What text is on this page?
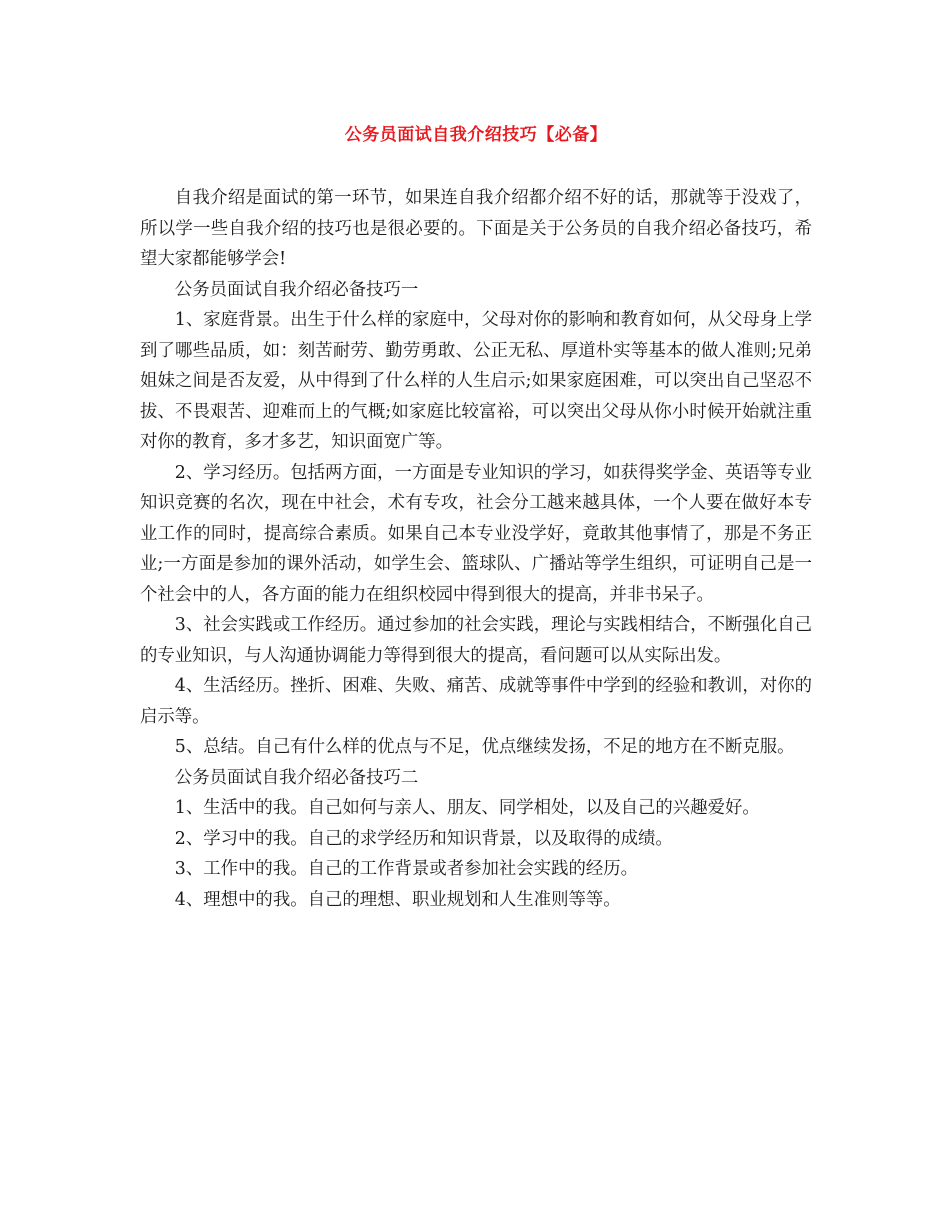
公务员面试自我介绍技巧【必备】

自我介绍是面试的第一环节，如果连自我介绍都介绍不好的话，那就等于没戏了，所以学一些自我介绍的技巧也是很必要的。下面是关于公务员的自我介绍必备技巧，希望大家都能够学会!

公务员面试自我介绍必备技巧一

1、家庭背景。出生于什么样的家庭中，父母对你的影响和教育如何，从父母身上学到了哪些品质，如：刻苦耐劳、勤劳勇敢、公正无私、厚道朴实等基本的做人准则;兄弟姐妹之间是否友爱，从中得到了什么样的人生启示;如果家庭困难，可以突出自己坚忍不拔、不畏艰苦、迎难而上的气概;如家庭比较富裕，可以突出父母从你小时候开始就注重对你的教育，多才多艺，知识面宽广等。

2、学习经历。包括两方面，一方面是专业知识的学习，如获得奖学金、英语等专业知识竞赛的名次，现在中社会，术有专攻，社会分工越来越具体，一个人要在做好本专业工作的同时，提高综合素质。如果自己本专业没学好，竟敢其他事情了，那是不务正业;一方面是参加的课外活动，如学生会、篮球队、广播站等学生组织，可证明自己是一个社会中的人，各方面的能力在组织校园中得到很大的提高，并非书呆子。

3、社会实践或工作经历。通过参加的社会实践，理论与实践相结合，不断强化自己的专业知识，与人沟通协调能力等得到很大的提高，看问题可以从实际出发。

4、生活经历。挫折、困难、失败、痛苦、成就等事件中学到的经验和教训，对你的启示等。

5、总结。自己有什么样的优点与不足，优点继续发扬，不足的地方在不断克服。

公务员面试自我介绍必备技巧二

1、生活中的我。自己如何与亲人、朋友、同学相处，以及自己的兴趣爱好。

2、学习中的我。自己的求学经历和知识背景，以及取得的成绩。

3、工作中的我。自己的工作背景或者参加社会实践的经历。

4、理想中的我。自己的理想、职业规划和人生准则等等。
